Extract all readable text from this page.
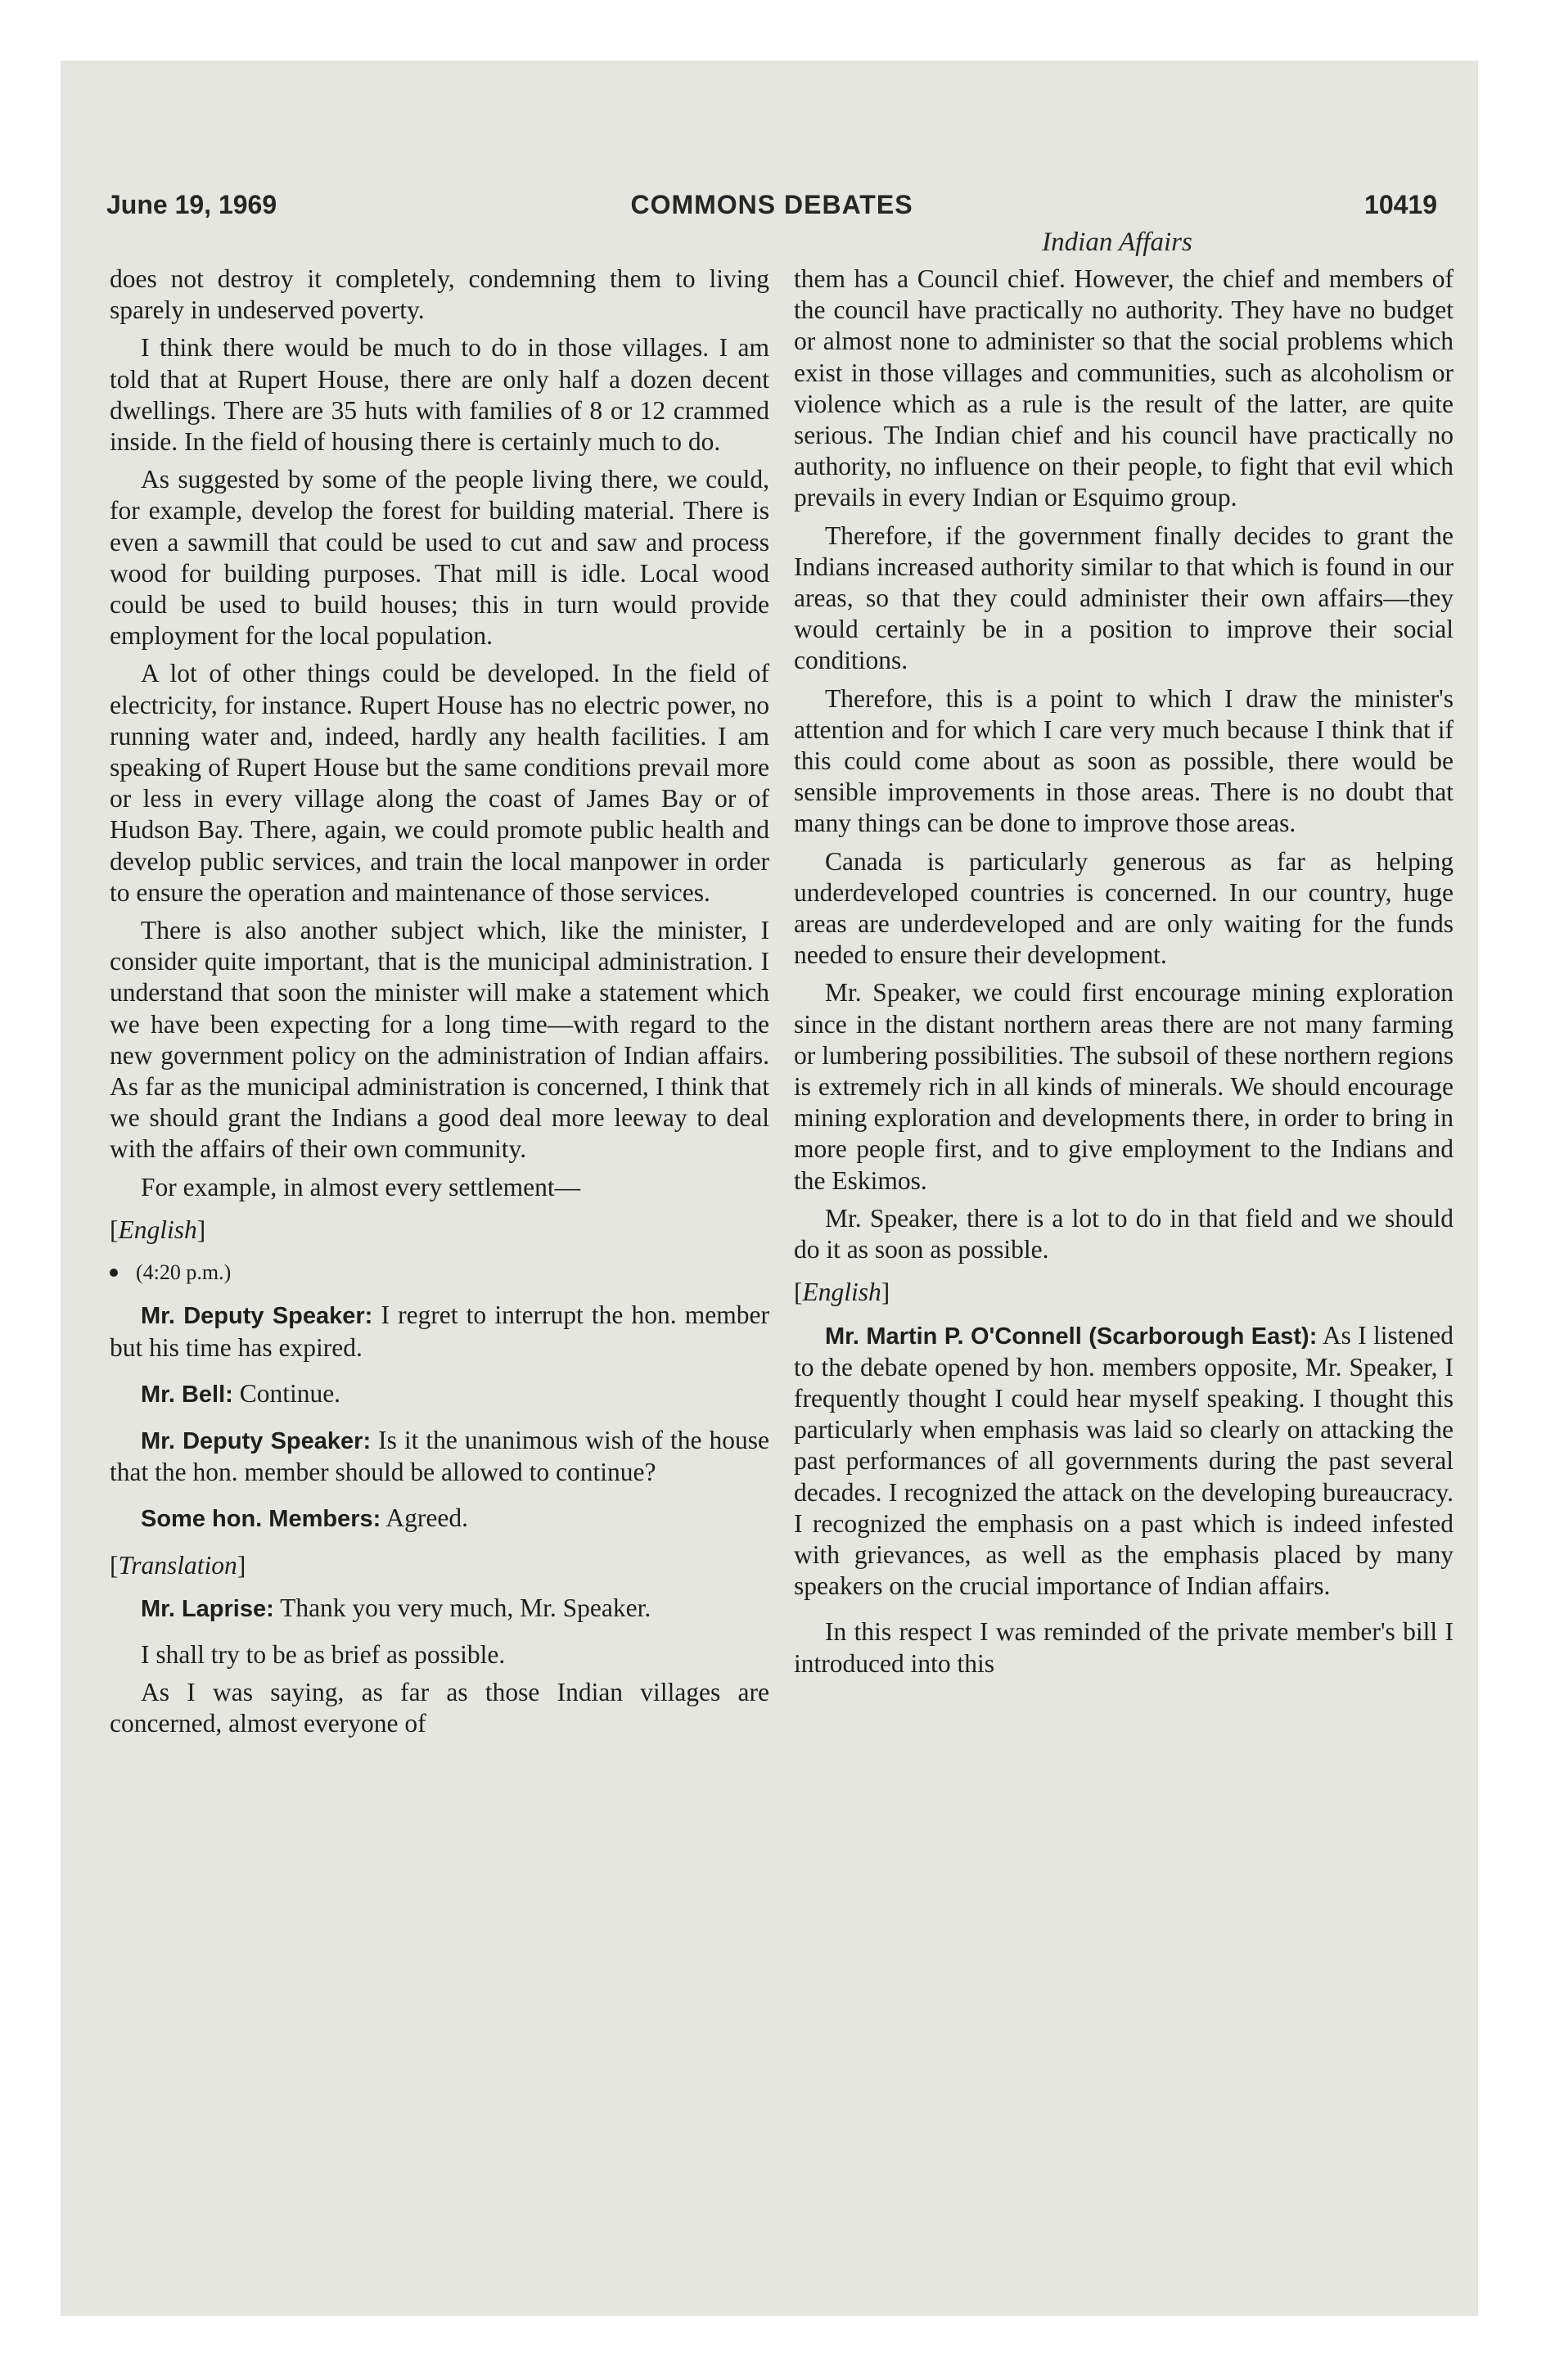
June 19, 1969	COMMONS DEBATES	10419
Indian Affairs

does not destroy it completely, condemning them to living sparely in undeserved poverty.

I think there would be much to do in those villages. I am told that at Rupert House, there are only half a dozen decent dwellings. There are 35 huts with families of 8 or 12 crammed inside. In the field of housing there is certainly much to do.

As suggested by some of the people living there, we could, for example, develop the forest for building material. There is even a sawmill that could be used to cut and saw and process wood for building purposes. That mill is idle. Local wood could be used to build houses; this in turn would provide employment for the local population.

A lot of other things could be developed. In the field of electricity, for instance. Rupert House has no electric power, no running water and, indeed, hardly any health facilities. I am speaking of Rupert House but the same conditions prevail more or less in every village along the coast of James Bay or of Hudson Bay. There, again, we could promote public health and develop public services, and train the local manpower in order to ensure the operation and maintenance of those services.

There is also another subject which, like the minister, I consider quite important, that is the municipal administration. I understand that soon the minister will make a statement which we have been expecting for a long time—with regard to the new government policy on the administration of Indian affairs. As far as the municipal administration is concerned, I think that we should grant the Indians a good deal more leeway to deal with the affairs of their own community.

For example, in almost every settlement—

[English]

(4:20 p.m.)

Mr. Deputy Speaker: I regret to interrupt the hon. member but his time has expired.

Mr. Bell: Continue.

Mr. Deputy Speaker: Is it the unanimous wish of the house that the hon. member should be allowed to continue?

Some hon. Members: Agreed.

[Translation]

Mr. Laprise: Thank you very much, Mr. Speaker.

I shall try to be as brief as possible.

As I was saying, as far as those Indian villages are concerned, almost everyone of

them has a Council chief. However, the chief and members of the council have practically no authority. They have no budget or almost none to administer so that the social problems which exist in those villages and communities, such as alcoholism or violence which as a rule is the result of the latter, are quite serious. The Indian chief and his council have practically no authority, no influence on their people, to fight that evil which prevails in every Indian or Esquimo group.

Therefore, if the government finally decides to grant the Indians increased authority similar to that which is found in our areas, so that they could administer their own affairs—they would certainly be in a position to improve their social conditions.

Therefore, this is a point to which I draw the minister's attention and for which I care very much because I think that if this could come about as soon as possible, there would be sensible improvements in those areas. There is no doubt that many things can be done to improve those areas.

Canada is particularly generous as far as helping underdeveloped countries is concerned. In our country, huge areas are underdeveloped and are only waiting for the funds needed to ensure their development.

Mr. Speaker, we could first encourage mining exploration since in the distant northern areas there are not many farming or lumbering possibilities. The subsoil of these northern regions is extremely rich in all kinds of minerals. We should encourage mining exploration and developments there, in order to bring in more people first, and to give employment to the Indians and the Eskimos.

Mr. Speaker, there is a lot to do in that field and we should do it as soon as possible.

[English]

Mr. Martin P. O'Connell (Scarborough East): As I listened to the debate opened by hon. members opposite, Mr. Speaker, I frequently thought I could hear myself speaking. I thought this particularly when emphasis was laid so clearly on attacking the past performances of all governments during the past several decades. I recognized the attack on the developing bureaucracy. I recognized the emphasis on a past which is indeed infested with grievances, as well as the emphasis placed by many speakers on the crucial importance of Indian affairs.

In this respect I was reminded of the private member's bill I introduced into this
